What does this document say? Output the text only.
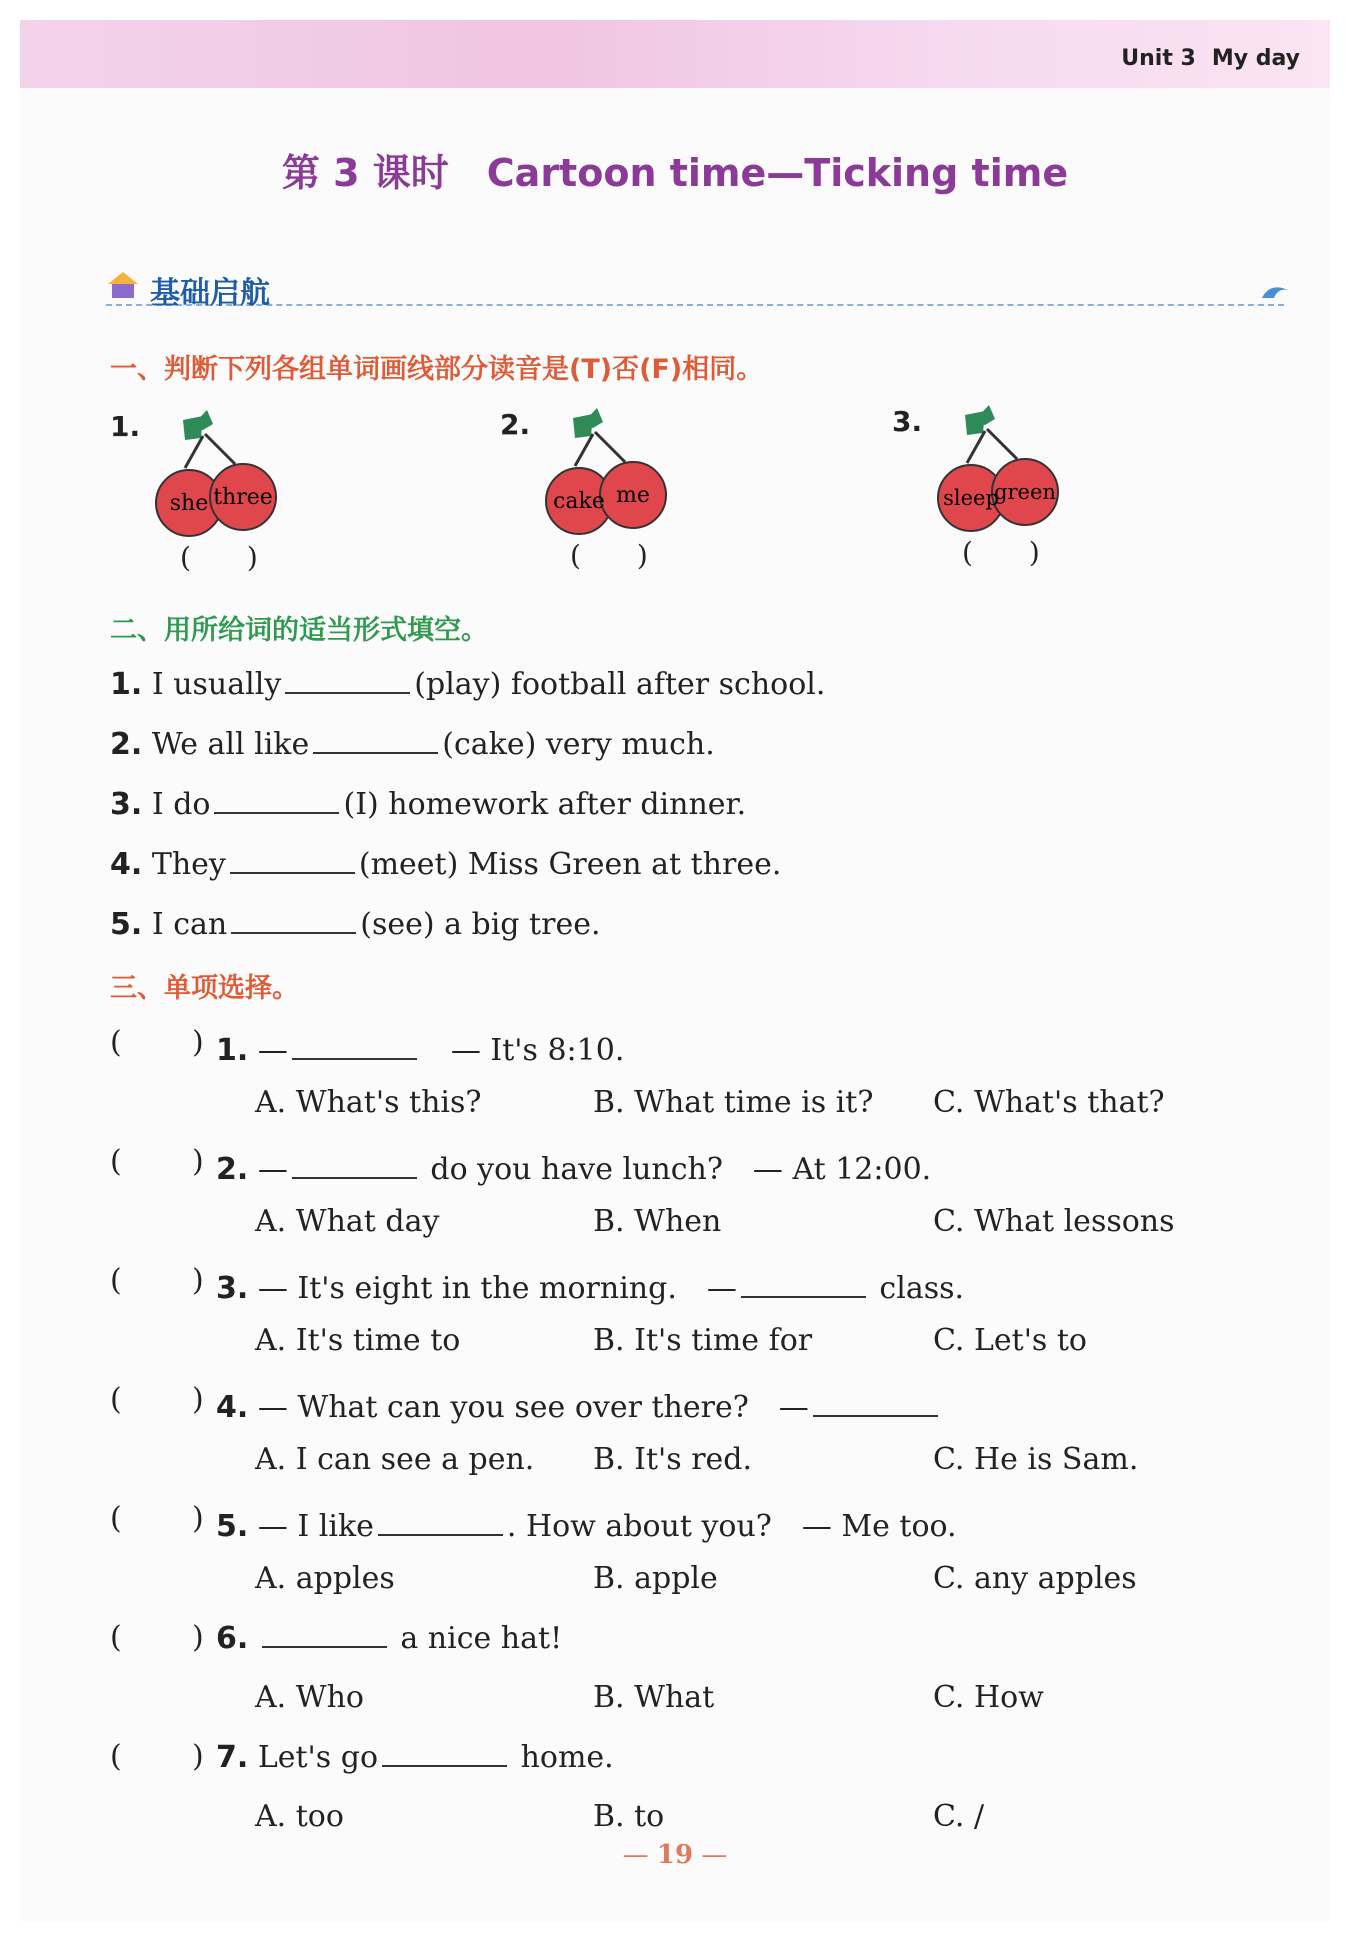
Unit 3 My day
第 3 课时　Cartoon time—Ticking time
基础启航
一、判断下列各组单词画线部分读音是(T)否(F)相同。
1.
she three
(　　)
2.
cake me
(　　)
3.
sleep
green
(　　)
二、用所给词的适当形式填空。
1. I usually	(play) football after school.
2. We all like	(cake) very much.
3. I do	(I) homework after dinner.
4. They	(meet) Miss Green at three.
5. I can	(see) a big tree.
三、单项选择。
( ) 1. —　	— It's 8:10.
A. What's this?	B. What time is it? C. What's that?
( ) 2. —	do you have lunch?　— At 12:00.
A. What day	B. When	C. What lessons
( ) 3. — It's eight in the morning.　—	class.
A. It's time to	B. It's time for	C. Let's to
( ) 4. — What can you see over there?　—
A. I can see a pen. B. It's red.	C. He is Sam.
( ) 5. — I like	. How about you?　— Me too.
A. apples	B. apple	C. any apples
( ) 6.	a nice hat!
A. Who	B. What	C. How
( ) 7. Let's go	home.
A. too	B. to	C. /
— 19 —
